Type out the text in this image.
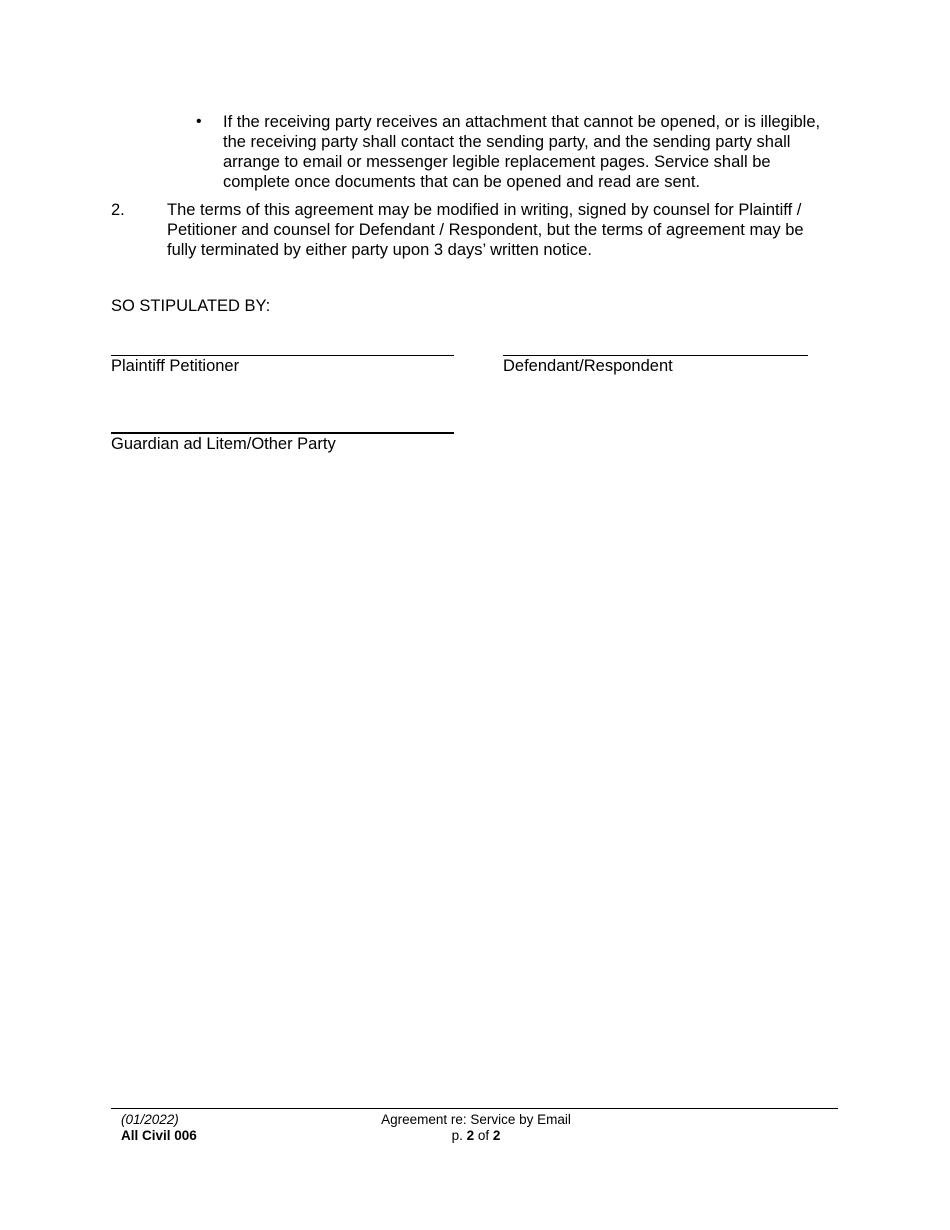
• If the receiving party receives an attachment that cannot be opened, or is illegible, the receiving party shall contact the sending party, and the sending party shall arrange to email or messenger legible replacement pages. Service shall be complete once documents that can be opened and read are sent.
2.	The terms of this agreement may be modified in writing, signed by counsel for Plaintiff / Petitioner and counsel for Defendant / Respondent, but the terms of agreement may be fully terminated by either party upon 3 days’ written notice.
SO STIPULATED BY:
Plaintiff Petitioner	Defendant/Respondent
Guardian ad Litem/Other Party
(01/2022)
All Civil 006
Agreement re: Service by Email
p. 2 of 2
